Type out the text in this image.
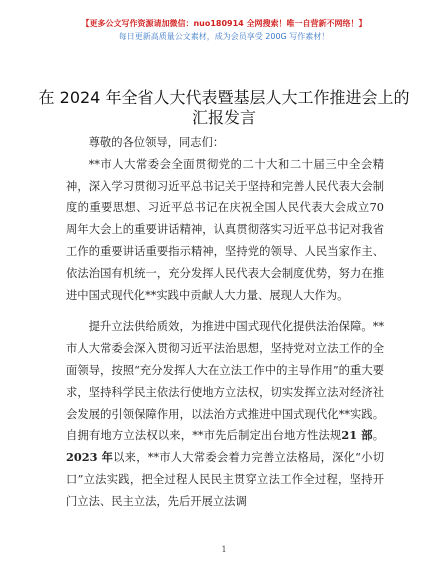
【更多公文写作资源请加微信：nuo180914 全网搜索！唯一自营新不网络！】
每日更新高质量公文素材，成为会员享受 200G 写作素材！
在 2024 年全省人大代表暨基层人大工作推进会上的汇报发言

尊敬的各位领导，同志们：

**市人大常委会全面贯彻党的二十大和二十届三中全会精神，深入学习贯彻习近平总书记关于坚持和完善人民代表大会制度的重要思想、习近平总书记在庆祝全国人民代表大会成立70周年大会上的重要讲话精神，认真贯彻落实习近平总书记对我省工作的重要讲话重要指示精神，坚持党的领导、人民当家作主、依法治国有机统一，充分发挥人民代表大会制度优势，努力在推进中国式现代化**实践中贡献人大力量、展现人大作为。

提升立法供给质效，为推进中国式现代化提供法治保障。**市人大常委会深入贯彻习近平法治思想，坚持党对立法工作的全面领导，按照“充分发挥人大在立法工作中的主导作用”的重大要求，坚持科学民主依法行使地方立法权，切实发挥立法对经济社会发展的引领保障作用，以法治方式推进中国式现代化**实践。自拥有地方立法权以来，**市先后制定出台地方性法规21 部。2023 年以来，**市人大常委会着力完善立法格局，深化“小切口”立法实践，把全过程人民民主贯穿立法工作全过程，坚持开门立法、民主立法，先后开展立法调

1
